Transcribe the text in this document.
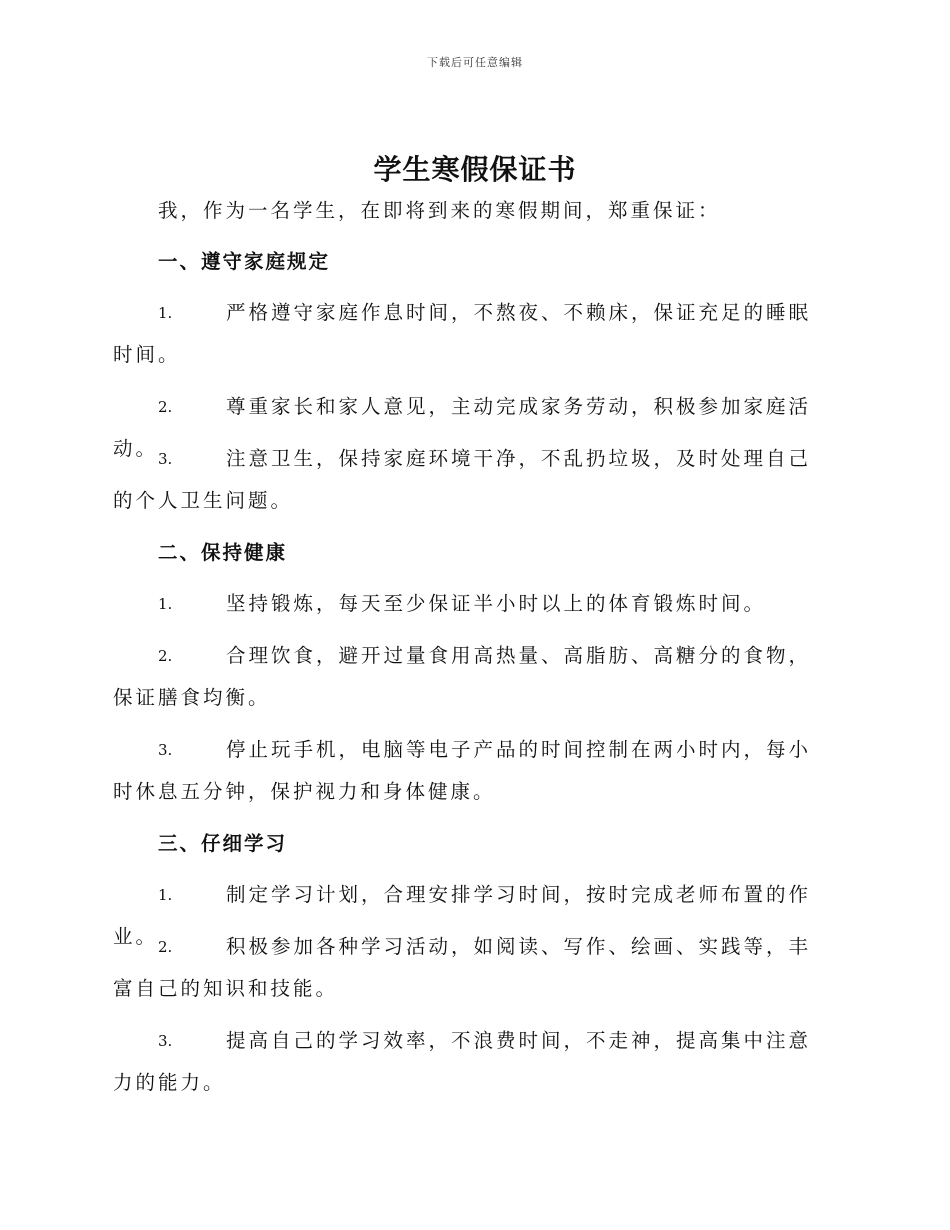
下载后可任意编辑
学生寒假保证书
我，作为一名学生，在即将到来的寒假期间，郑重保证：
一、遵守家庭规定
1.	严格遵守家庭作息时间，不熬夜、不赖床，保证充足的睡眠时间。
2.	尊重家长和家人意见，主动完成家务劳动，积极参加家庭活动。 3.	注意卫生，保持家庭环境干净，不乱扔垃圾，及时处理自己的个人卫生问题。
二、保持健康
1.	坚持锻炼，每天至少保证半小时以上的体育锻炼时间。
2.	合理饮食，避开过量食用高热量、高脂肪、高糖分的食物，保证膳食均衡。
3.	停止玩手机，电脑等电子产品的时间控制在两小时内，每小时休息五分钟，保护视力和身体健康。
三、仔细学习
1.	制定学习计划，合理安排学习时间，按时完成老师布置的作业。 2.	积极参加各种学习活动，如阅读、写作、绘画、实践等，丰富自己的知识和技能。
3.	提高自己的学习效率，不浪费时间，不走神，提高集中注意力的能力。
